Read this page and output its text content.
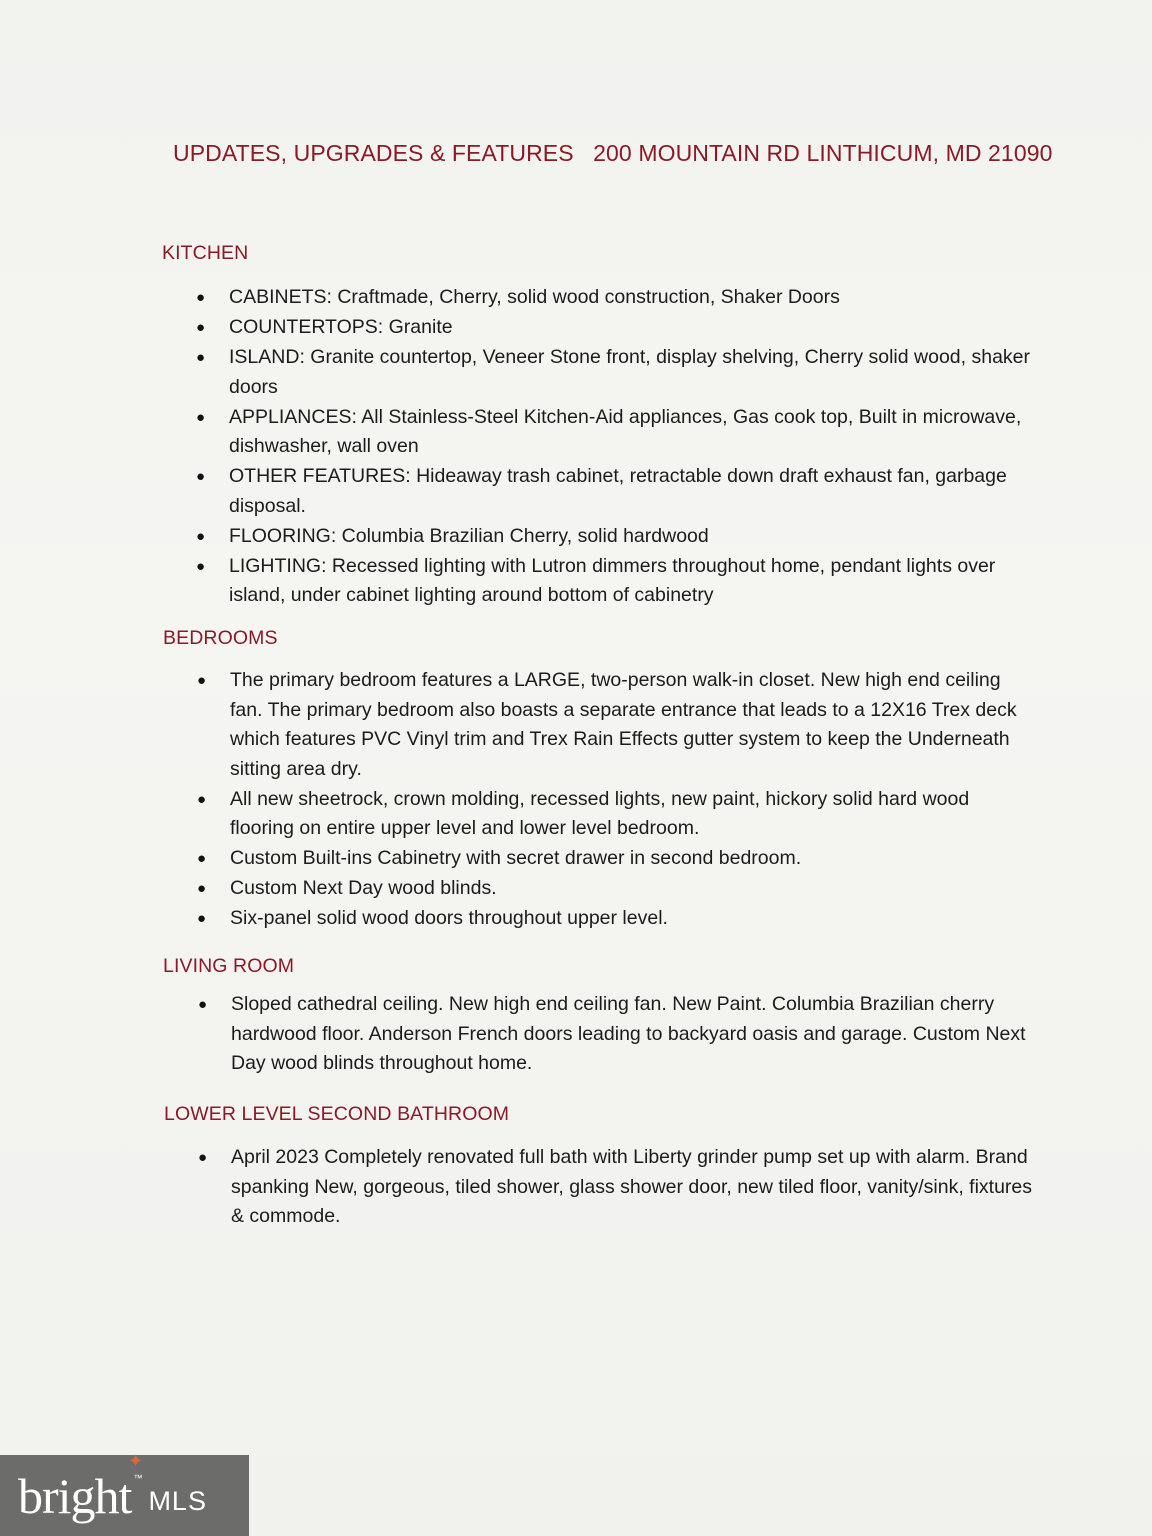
UPDATES, UPGRADES & FEATURES   200 MOUNTAIN RD LINTHICUM, MD 21090
KITCHEN
● CABINETS: Craftmade, Cherry, solid wood construction, Shaker Doors
● COUNTERTOPS: Granite
● ISLAND: Granite countertop, Veneer Stone front, display shelving, Cherry solid wood, shaker doors
● APPLIANCES: All Stainless-Steel Kitchen-Aid appliances, Gas cook top, Built in microwave, dishwasher, wall oven
● OTHER FEATURES: Hideaway trash cabinet, retractable down draft exhaust fan, garbage disposal.
● FLOORING: Columbia Brazilian Cherry, solid hardwood
● LIGHTING: Recessed lighting with Lutron dimmers throughout home, pendant lights over island, under cabinet lighting around bottom of cabinetry
BEDROOMS
● The primary bedroom features a LARGE, two-person walk-in closet. New high end ceiling fan. The primary bedroom also boasts a separate entrance that leads to a 12X16 Trex deck which features PVC Vinyl trim and Trex Rain Effects gutter system to keep the Underneath sitting area dry.
● All new sheetrock, crown molding, recessed lights, new paint, hickory solid hard wood flooring on entire upper level and lower level bedroom.
● Custom Built-ins Cabinetry with secret drawer in second bedroom.
● Custom Next Day wood blinds.
● Six-panel solid wood doors throughout upper level.
LIVING ROOM
● Sloped cathedral ceiling. New high end ceiling fan. New Paint. Columbia Brazilian cherry hardwood floor. Anderson French doors leading to backyard oasis and garage. Custom Next Day wood blinds throughout home.
LOWER LEVEL SECOND BATHROOM
● April 2023 Completely renovated full bath with Liberty grinder pump set up with alarm. Brand spanking New, gorgeous, tiled shower, glass shower door, new tiled floor, vanity/sink, fixtures & commode.
bright ™
MLS
✦
